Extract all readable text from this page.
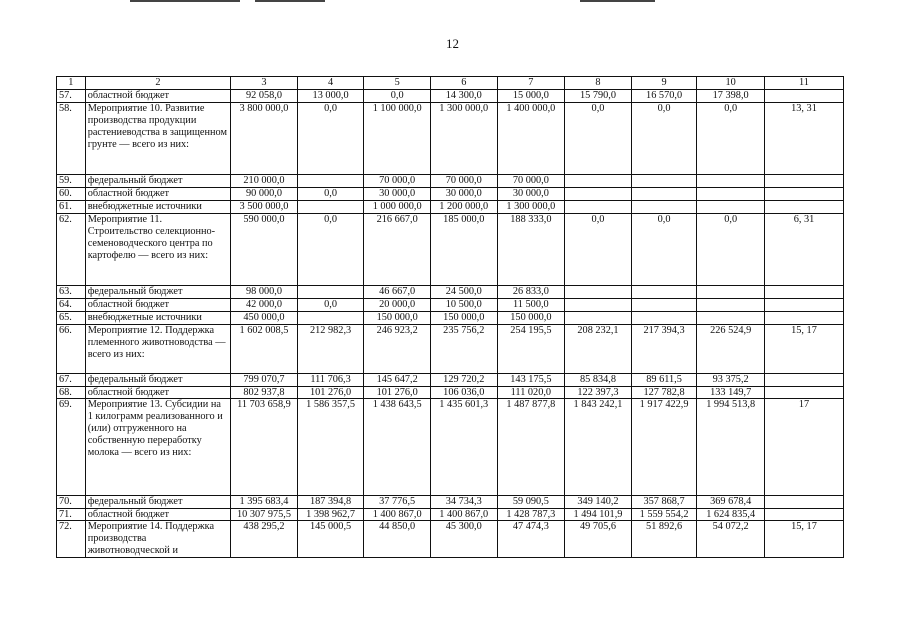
12
1	2	3	4	5	6	7	8	9	10	11
57.	областной бюджет	92 058,0	13 000,0	0,0	14 300,0	15 000,0	15 790,0	16 570,0	17 398,0	
58.	Мероприятие 10. Развитие производства продукции растениеводства в защищенном грунте — всего из них:	3 800 000,0	0,0	1 100 000,0	1 300 000,0	1 400 000,0	0,0	0,0	0,0	13, 31
59.	федеральный бюджет	210 000,0		70 000,0	70 000,0	70 000,0				
60.	областной бюджет	90 000,0	0,0	30 000,0	30 000,0	30 000,0				
61.	внебюджетные источники	3 500 000,0		1 000 000,0	1 200 000,0	1 300 000,0				
62.	Мероприятие 11. Строительство селекционно-семеноводческого центра по картофелю — всего из них:	590 000,0	0,0	216 667,0	185 000,0	188 333,0	0,0	0,0	0,0	6, 31
63.	федеральный бюджет	98 000,0		46 667,0	24 500,0	26 833,0				
64.	областной бюджет	42 000,0	0,0	20 000,0	10 500,0	11 500,0				
65.	внебюджетные источники	450 000,0		150 000,0	150 000,0	150 000,0				
66.	Мероприятие 12. Поддержка племенного животноводства — всего из них:	1 602 008,5	212 982,3	246 923,2	235 756,2	254 195,5	208 232,1	217 394,3	226 524,9	15, 17
67.	федеральный бюджет	799 070,7	111 706,3	145 647,2	129 720,2	143 175,5	85 834,8	89 611,5	93 375,2	
68.	областной бюджет	802 937,8	101 276,0	101 276,0	106 036,0	111 020,0	122 397,3	127 782,8	133 149,7	
69.	Мероприятие 13. Субсидии на 1 килограмм реализованного и (или) отгруженного на собственную переработку молока — всего из них:	11 703 658,9	1 586 357,5	1 438 643,5	1 435 601,3	1 487 877,8	1 843 242,1	1 917 422,9	1 994 513,8	17
70.	федеральный бюджет	1 395 683,4	187 394,8	37 776,5	34 734,3	59 090,5	349 140,2	357 868,7	369 678,4	
71.	областной бюджет	10 307 975,5	1 398 962,7	1 400 867,0	1 400 867,0	1 428 787,3	1 494 101,9	1 559 554,2	1 624 835,4	
72.	Мероприятие 14. Поддержка производства животноводческой и	438 295,2	145 000,5	44 850,0	45 300,0	47 474,3	49 705,6	51 892,6	54 072,2	15, 17
